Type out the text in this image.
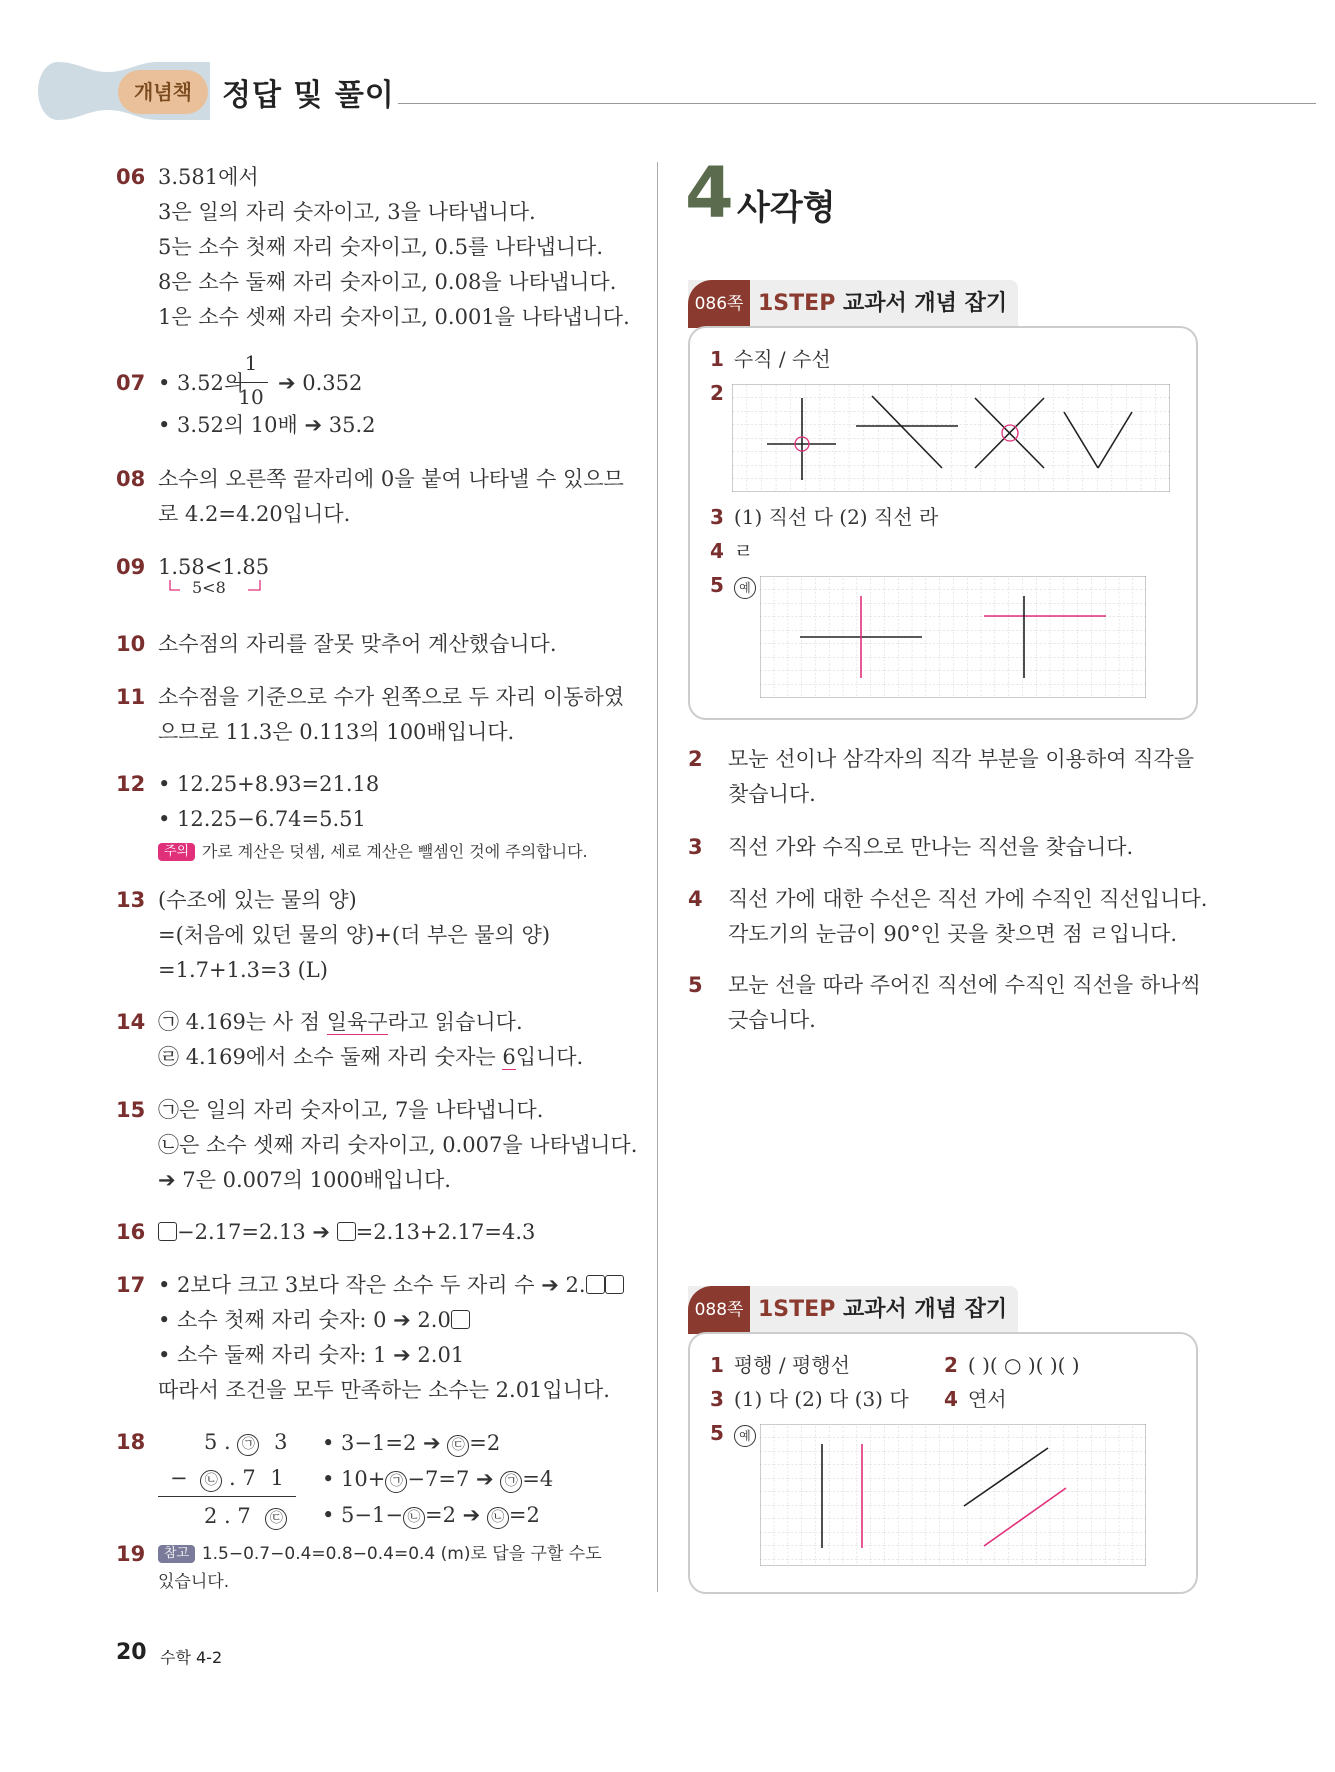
개념책	정답 및 풀이
06 3.581에서
3은 일의 자리 숫자이고, 3을 나타냅니다.
5는 소수 첫째 자리 숫자이고, 0.5를 나타냅니다.
8은 소수 둘째 자리 숫자이고, 0.08을 나타냅니다.
1은 소수 셋째 자리 숫자이고, 0.001을 나타냅니다.
07 • 3.52의
1
10
➔ 0.352
• 3.52의 10배 ➔ 35.2
08 소수의 오른쪽 끝자리에 0을 붙여 나타낼 수 있으므
로 4.2=4.20입니다.
09 1.58<1.85
5<8
10 소수점의 자리를 잘못 맞추어 계산했습니다.
11 소수점을 기준으로 수가 왼쪽으로 두 자리 이동하였
으므로 11.3은 0.113의 100배입니다.
12 • 12.25+8.93=21.18
• 12.25−6.74=5.51
주의 가로 계산은 덧셈, 세로 계산은 뺄셈인 것에 주의합니다.
13 (수조에 있는 물의 양)
=(처음에 있던 물의 양)+(더 부은 물의 양)
=1.7+1.3=3 (L)
14 ㉠ 4.169는 사 점 일육구라고 읽습니다.
㉣ 4.169에서 소수 둘째 자리 숫자는 6입니다.
15 ㉠은 일의 자리 숫자이고, 7을 나타냅니다.
㉡은 소수 셋째 자리 숫자이고, 0.007을 나타냅니다.
➔ 7은 0.007의 1000배입니다.
16	−2.17=2.13 ➔ =2.13+2.17=4.3
17 • 2보다 크고 3보다 작은 소수 두 자리 수 ➔ 2.
• 소수 첫째 자리 숫자: 0 ➔ 2.0
• 소수 둘째 자리 숫자: 1 ➔ 2.01
따라서 조건을 모두 만족하는 소수는 2.01입니다.
18	5 . ㉠ 3
− ㉡ . 7 1
2 . 7 ㉢
• 3−1=2 ➔ ㉢ =2
• 10+ ㉠ −7=7 ➔ ㉠ =4
• 5−1− ㉡ =2 ➔ ㉡ =2
19	참고 1.5−0.7−0.4=0.8−0.4=0.4 (m)로 답을 구할 수도
있습니다.
4 사각형
086쪽 1STEP 교과서 개념 잡기
1 수직 / 수선
2
3 (1) 직선 다 (2) 직선 라
4 ㄹ
5 예
2 모눈 선이나 삼각자의 직각 부분을 이용하여 직각을
찾습니다.
3 직선 가와 수직으로 만나는 직선을 찾습니다.
4 직선 가에 대한 수선은 직선 가에 수직인 직선입니다.
각도기의 눈금이 90°인 곳을 찾으면 점 ㄹ입니다.
5 모눈 선을 따라 주어진 직선에 수직인 직선을 하나씩
긋습니다.
088쪽 1STEP 교과서 개념 잡기
1 평행 / 평행선	2 ( )( ○ )( )( )
3 (1) 다 (2) 다 (3) 다 4 연서
5 예
20 수학 4-2
